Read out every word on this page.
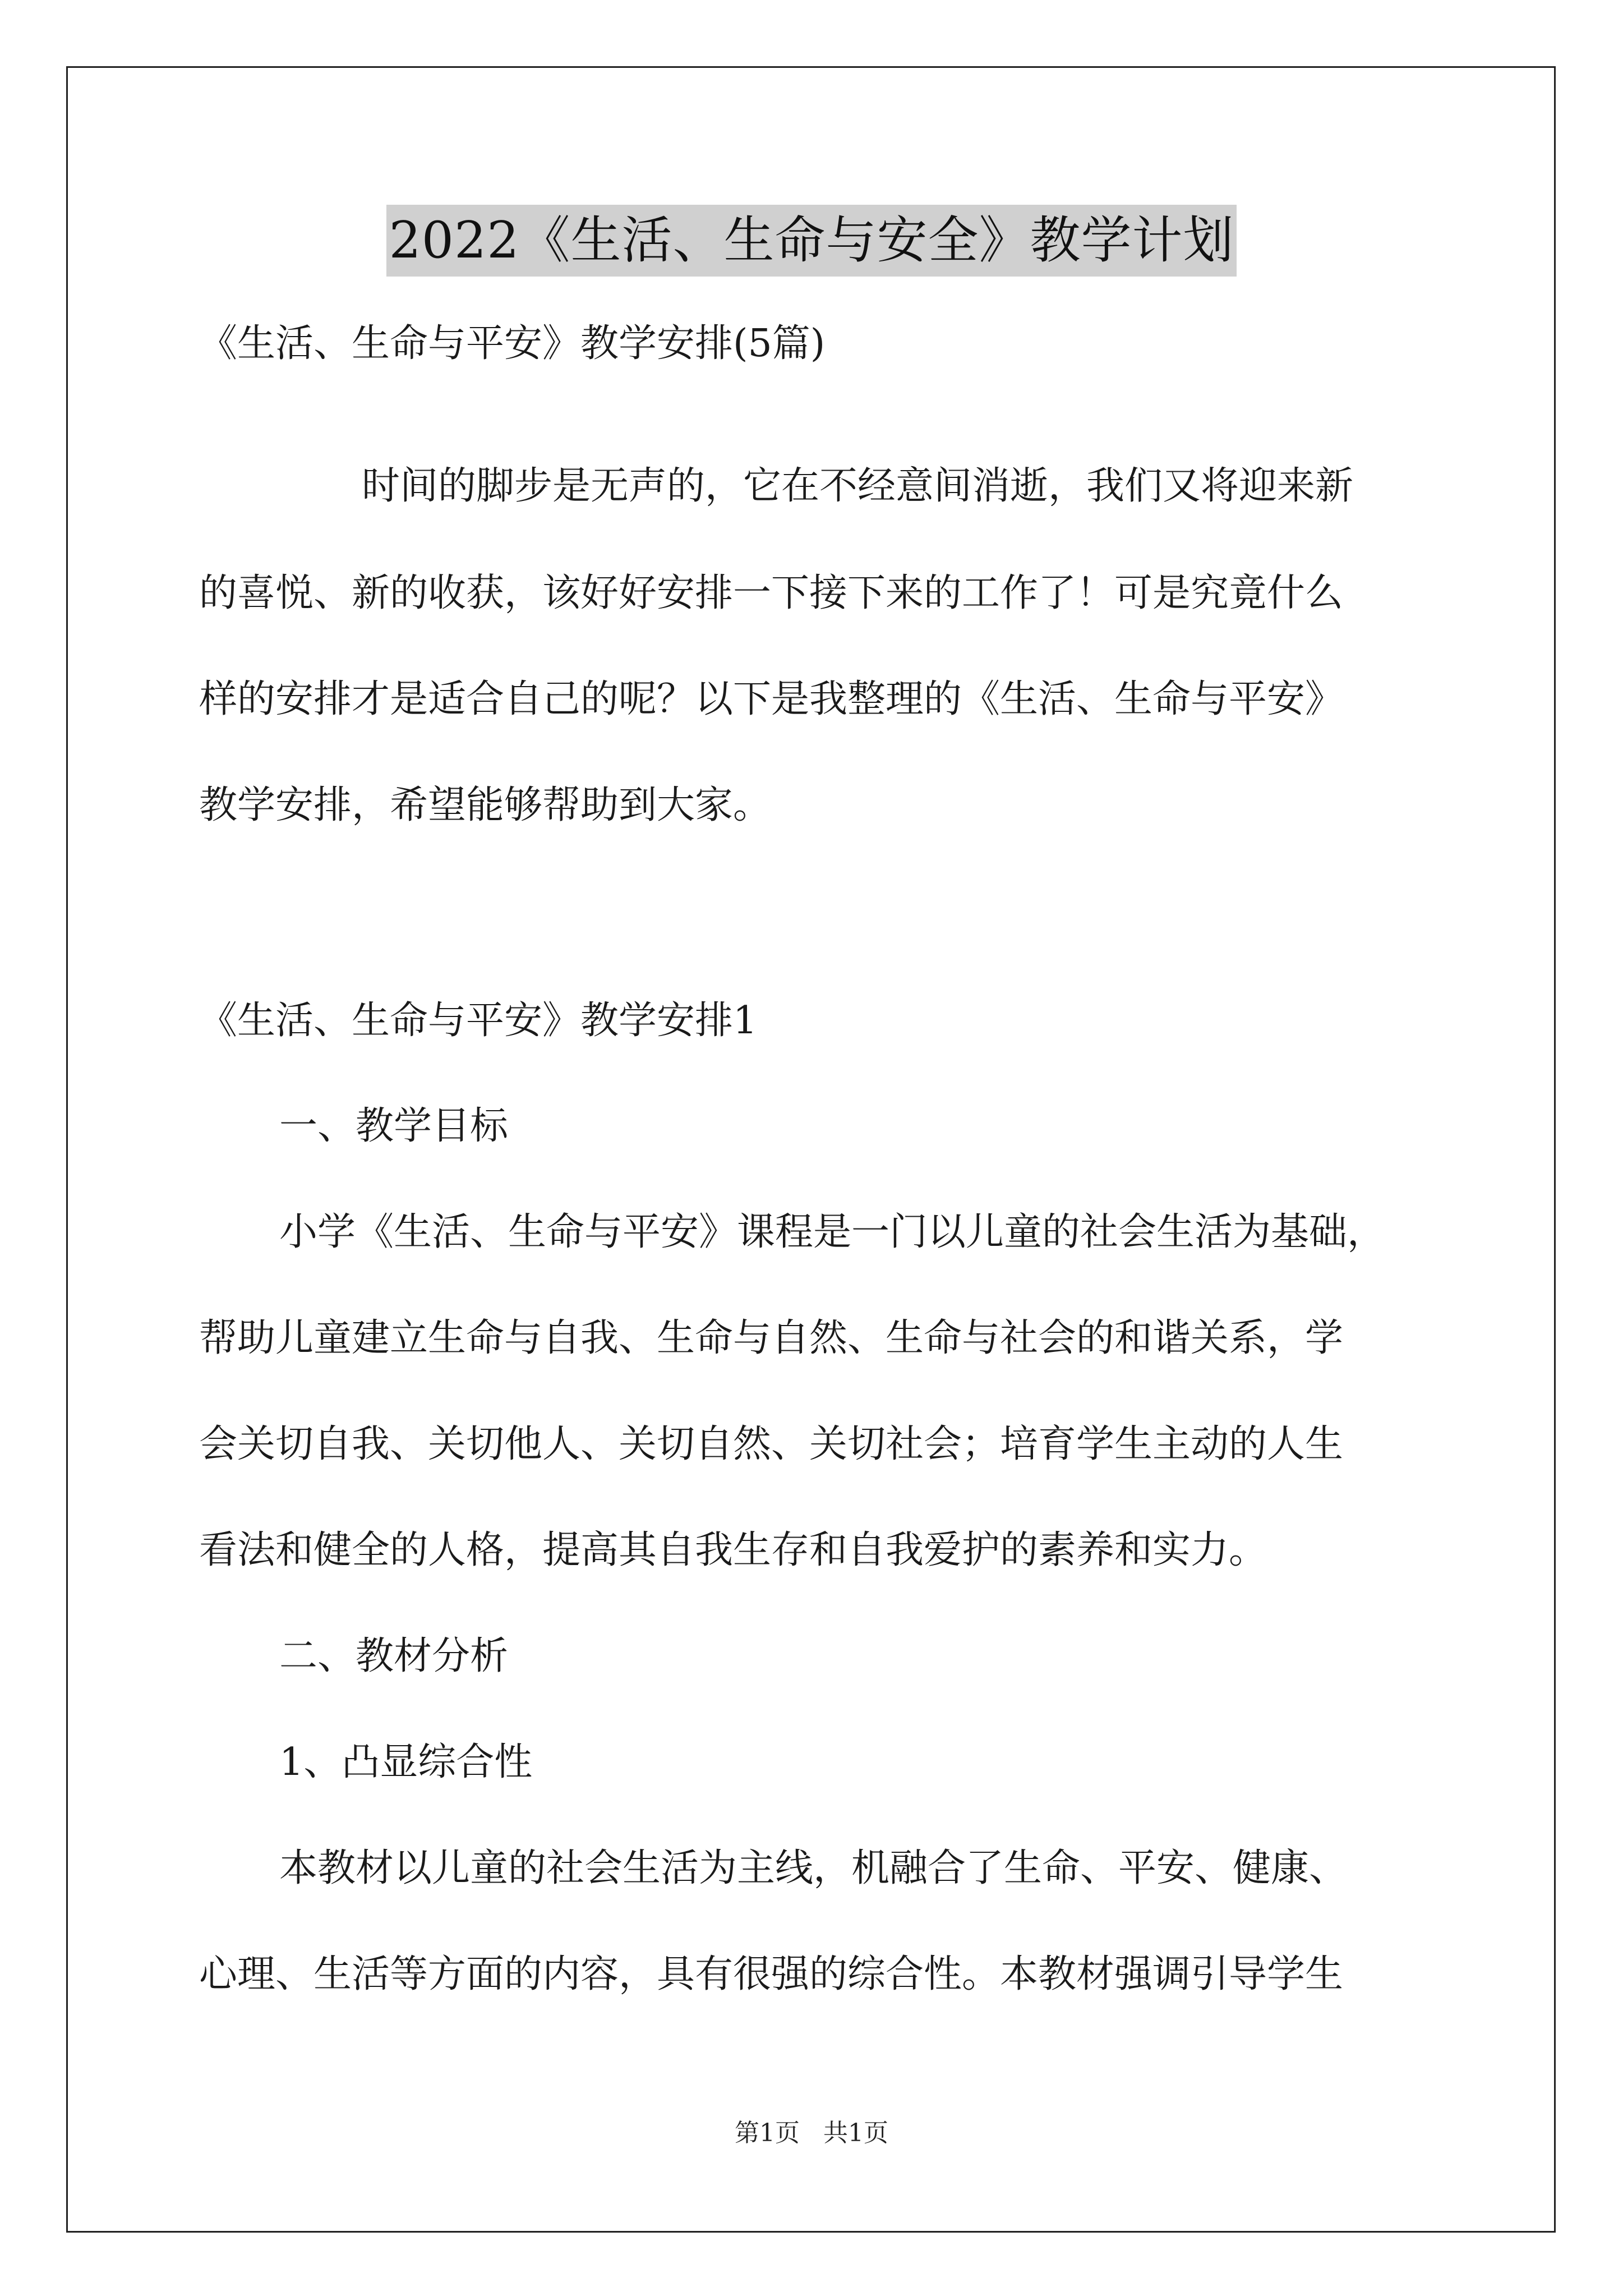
2022《生活、生命与安全》教学计划
《生活、生命与平安》教学安排(5篇)
时间的脚步是无声的，它在不经意间消逝，我们又将迎来新
的喜悦、新的收获，该好好安排一下接下来的工作了！可是究竟什么
样的安排才是适合自己的呢？以下是我整理的《生活、生命与平安》
教学安排，希望能够帮助到大家。
《生活、生命与平安》教学安排1
一、教学目标
小学《生活、生命与平安》课程是一门以儿童的社会生活为基础，
帮助儿童建立生命与自我、生命与自然、生命与社会的和谐关系，学
会关切自我、关切他人、关切自然、关切社会；培育学生主动的人生
看法和健全的人格，提高其自我生存和自我爱护的素养和实力。
二、教材分析
1、凸显综合性
本教材以儿童的社会生活为主线，机融合了生命、平安、健康、
心理、生活等方面的内容，具有很强的综合性。本教材强调引导学生
第1页   共1页
